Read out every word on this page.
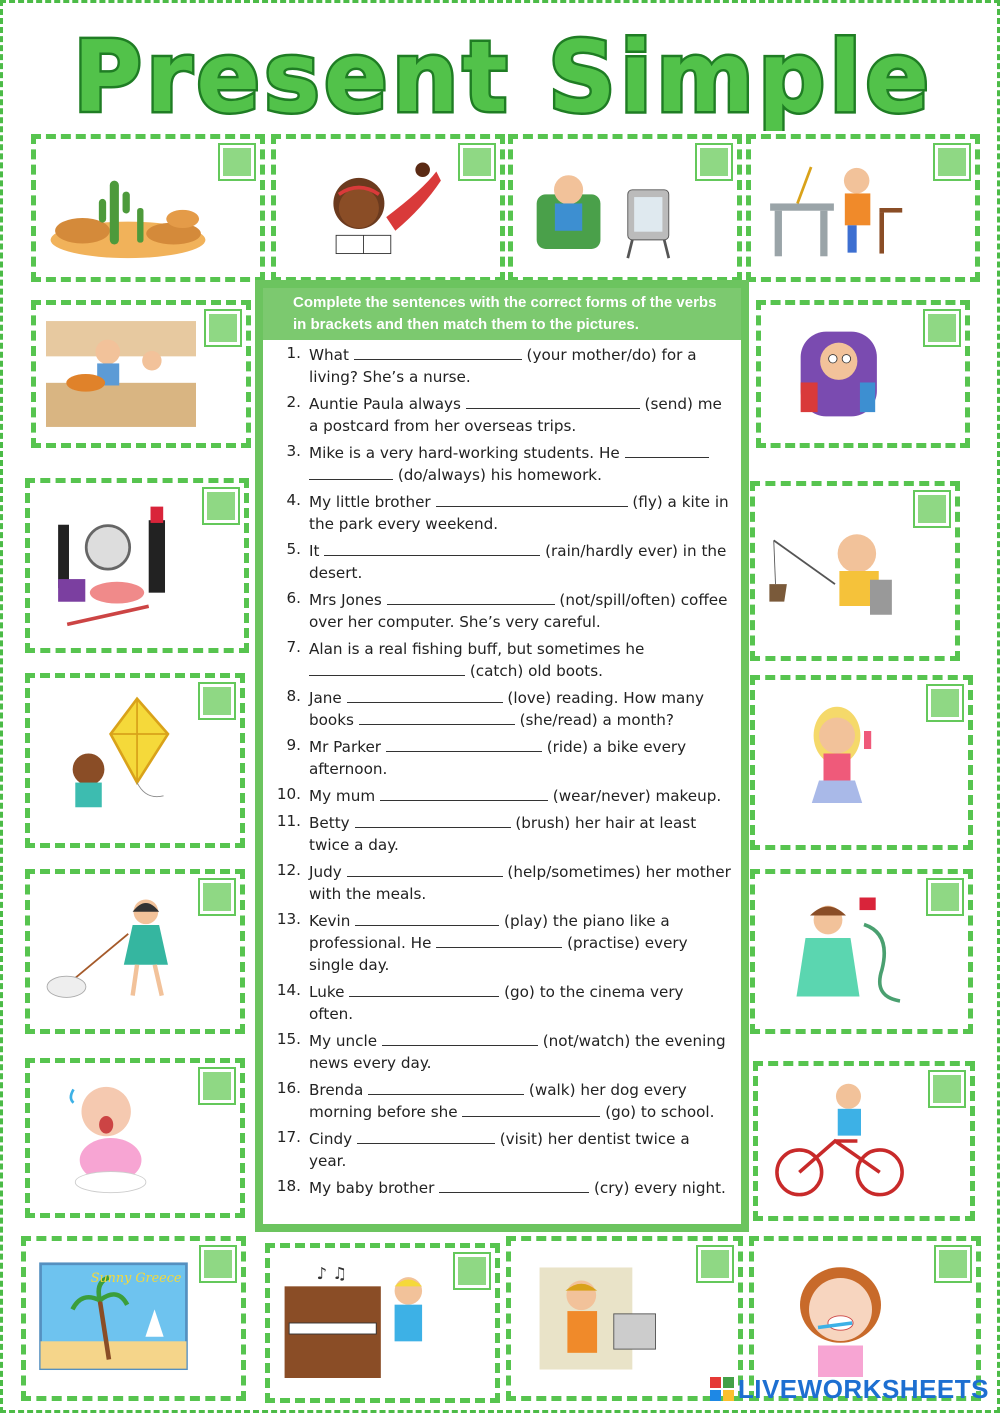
Present Simple
Sunny Greece	♪ ♫

Complete the sentences with the correct forms of the verbs in brackets and then match them to the pictures.

1. What	(your mother/do) for a living? She’s a nurse.
2. Auntie Paula always	(send) me a postcard from her overseas trips.
3. Mike is a very hard-working students. He   (do/always) his homework.
4. My little brother	(fly) a kite in the park every weekend.
5. It	(rain/hardly ever) in the desert.
6. Mrs Jones	(not/spill/often) coffee over her computer. She’s very careful.
7. Alan is a real fishing buff, but sometimes he  (catch) old boots.
8. Jane	(love) reading. How many books	(she/read) a month?
9. Mr Parker	(ride) a bike every afternoon.
10. My mum	(wear/never) makeup.
11. Betty	(brush) her hair at least twice a day.
12. Judy	(help/sometimes) her mother with the meals.
13. Kevin	(play) the piano like a professional. He	(practise) every single day.
14. Luke	(go) to the cinema very often.
15. My uncle	(not/watch) the evening news every day.
16. Brenda	(walk) her dog every morning before she	(go) to school.
17. Cindy	(visit) her dentist twice a year.
18. My baby brother	(cry) every night.
LIVEWORKSHEETS
